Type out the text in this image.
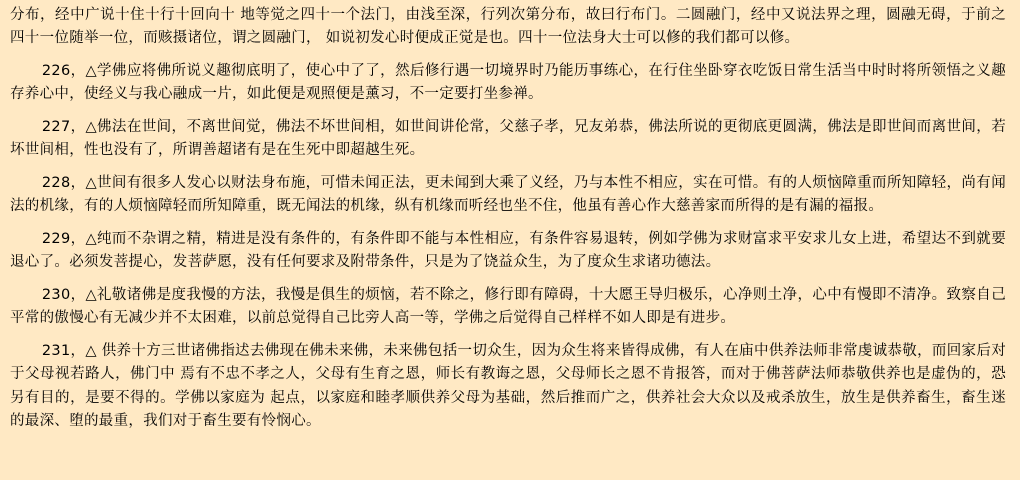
分布，经中广说十住十行十回向十 地等觉之四十一个法门，由浅至深，行列次第分布，故曰行布门。二圆融门，经中又说法界之理，圆融无碍，于前之四十一位随举一位，而赅摄诸位，谓之圆融门， 如说初发心时便成正觉是也。四十一位法身大士可以修的我们都可以修。

226，△学佛应将佛所说义趣彻底明了，使心中了了，然后修行遇一切境界时乃能历事练心，在行住坐卧穿衣吃饭日常生活当中时时将所领悟之义趣存养心中，使经义与我心融成一片，如此便是观照便是薰习，不一定要打坐参禅。

227，△佛法在世间，不离世间觉，佛法不坏世间相，如世间讲伦常，父慈子孝，兄友弟恭，佛法所说的更彻底更圆满，佛法是即世间而离世间，若坏世间相，性也没有了，所谓善超诸有是在生死中即超越生死。

228，△世间有很多人发心以财法身布施，可惜未闻正法，更未闻到大乘了义经，乃与本性不相应，实在可惜。有的人烦恼障重而所知障轻，尚有闻法的机缘，有的人烦恼障轻而所知障重，既无闻法的机缘，纵有机缘而听经也坐不住，他虽有善心作大慈善家而所得的是有漏的福报。

229，△纯而不杂谓之精，精进是没有条件的，有条件即不能与本性相应，有条件容易退转，例如学佛为求财富求平安求儿女上进，希望达不到就要退心了。必须发菩提心，发菩萨愿，没有任何要求及附带条件，只是为了饶益众生，为了度众生求诸功德法。

230，△礼敬诸佛是度我慢的方法，我慢是俱生的烦恼，若不除之，修行即有障碍，十大愿王导归极乐，心净则土净，心中有慢即不清净。致察自己平常的傲慢心有无减少并不太困难，以前总觉得自己比旁人高一等，学佛之后觉得自己样样不如人即是有进步。

231，△ 供养十方三世诸佛指迖去佛现在佛未来佛，未来佛包括一切众生，因为众生将来皆得成佛，有人在庙中供养法师非常虔诚恭敬，而回家后对于父母视若路人，佛门中 焉有不忠不孝之人，父母有生育之恩，师长有教诲之恩，父母师长之恩不肯报答，而对于佛菩萨法师恭敬供养也是虚伪的，恐另有目的，是要不得的。学佛以家庭为 起点，以家庭和睦孝顺供养父母为基础，然后推而广之，供养社会大众以及戒杀放生，放生是供养畜生，畜生迷的最深、堕的最重，我们对于畜生要有怜悯心。
